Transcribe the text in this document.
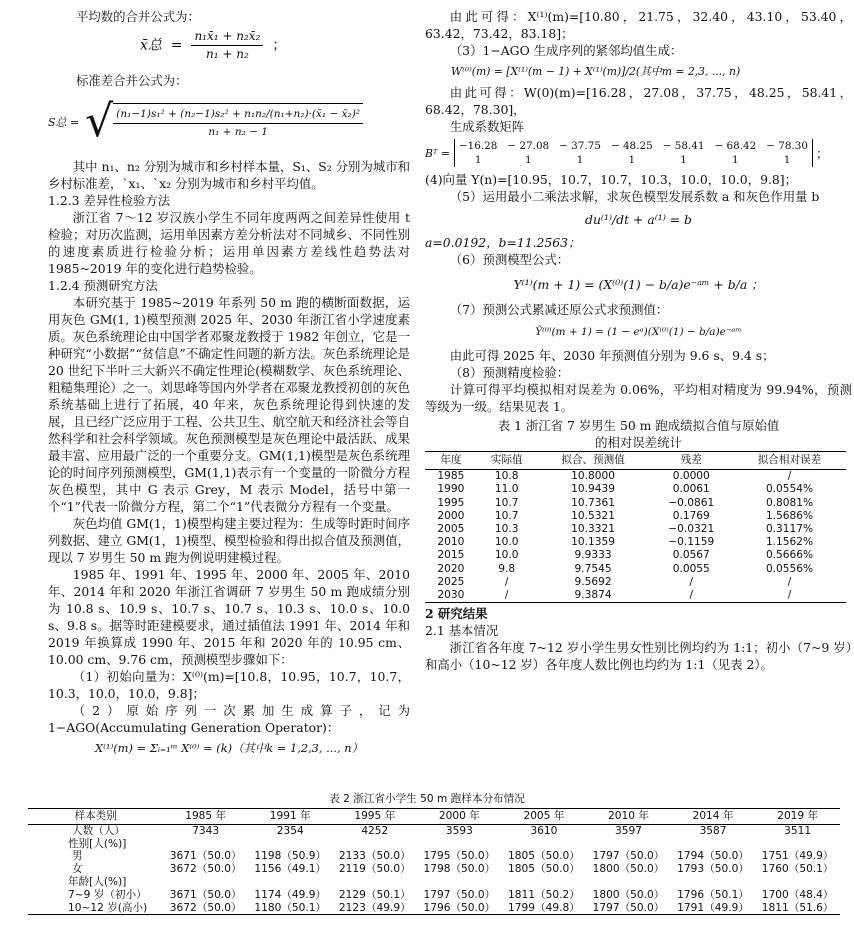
平均数的合并公式为：

x̄总  = $\frac{\text{n₁x̄₁ + n₂x̄₂}}{\text{n₁ + n₂}}$ ；

标准差合并公式为：

S总 = √ $\frac{\text{(n₁−1)s₁² + (n₂−1)s₂² + n₁n₂/(n₁+n₂)·(x̄₁ − x̄₂)²}}{\text{n₁ + n₂ − 1}}$

其中 n₁、n₂ 分别为城市和乡村样本量，S₁、S₂ 分别为城市和乡村标准差，`x₁、`x₂ 分别为城市和乡村平均值。

1.2.3 差异性检验方法

浙江省 7～12 岁汉族小学生不同年度两两之间差异性使用 t 检验；对历次监测，运用单因素方差分析法对不同城乡、不同性别的速度素质进行检验分析；运用单因素方差线性趋势法对 1985~2019 年的变化进行趋势检验。

1.2.4 预测研究方法

本研究基于 1985~2019 年系列 50 m 跑的横断面数据，运用灰色 GM(1, 1)模型预测 2025 年、2030 年浙江省小学速度素质。灰色系统理论由中国学者邓聚龙教授于 1982 年创立，它是一种研究“小数据”“贫信息”不确定性问题的新方法。灰色系统理论是 20 世纪下半叶三大新兴不确定性理论(模糊数学、灰色系统理论、粗糙集理论）之一。刘思峰等国内外学者在邓聚龙教授初创的灰色系统基础上进行了拓展，40 年来，灰色系统理论得到快速的发展，且已经广泛应用于工程、公共卫生、航空航天和经济社会等自然科学和社会科学领域。灰色预测模型是灰色理论中最活跃、成果最丰富、应用最广泛的一个重要分支。GM(1,1)模型是灰色系统理论的时间序列预测模型，GM(1,1)表示有一个变量的一阶微分方程灰色模型，其中 G 表示 Grey，M 表示 Model，括号中第一个“1”代表一阶微分方程，第二个“1”代表微分方程有一个变量。

灰色均值 GM(1，1)模型构建主要过程为：生成等时距时间序列数据、建立 GM(1，1)模型、模型检验和得出拟合值及预测值，现以 7 岁男生 50 m 跑为例说明建模过程。

1985 年、1991 年、1995 年、2000 年、2005 年、2010 年、2014 年和 2020 年浙江省调研 7 岁男生 50 m 跑成绩分别为 10.8 s、10.9 s、10.7 s、10.7 s、10.3 s、10.0 s、10.0 s、9.8 s。据等时距建模要求，通过插值法 1991 年、2014 年和 2019 年换算成 1990 年、2015 年和 2020 年的 10.95 cm、10.00 cm、9.76 cm，预测模型步骤如下：

（1）初始向量为：X⁽⁰⁾(m)=[10.8，10.95，10.7，10.7，10.3，10.0，10.0，9.8]；

（2）原始序列一次累加生成算子，记为 1−AGO(Accumulating Generation Operator)：

X⁽¹⁾(m) = Σᵢ₌₁ᵐ X⁽⁰⁾ = (k)（其中k = 1,2,3, ..., n）

由此可得：X⁽¹⁾(m)=[10.80，21.75，32.40，43.10，53.40，63.42，73.42，83.18]；

（3）1−AGO 生成序列的紧邻均值生成：

W⁽⁰⁾(m) = [X⁽¹⁾(m − 1) + X⁽¹⁾(m)]/2(其中m = 2,3, ..., n)

由此可得：W(0)(m)=[16.28，27.08，37.75，48.25，58.41，68.42，78.30]，

生成系数矩阵

Bᵀ =
−16.28 − 27.08 − 37.75 − 48.25 − 58.41 − 68.42 − 78.30
1	1	1	1	1	1	1	；

(4)向量 Y(n)=[10.95，10.7，10.7，10.3，10.0，10.0，9.8]；

（5）运用最小二乘法求解，求灰色模型发展系数 a 和灰色作用量 b

du⁽¹⁾/dt + a⁽¹⁾ = b

a=0.0192，b=11.2563；

（6）预测模型公式：

Y⁽¹⁾(m + 1) = (X⁽⁰⁾(1) − b/a)e⁻ᵃᵐ + b/a ；

（7）预测公式累减还原公式求预测值：

Ŷ⁽⁰⁾(m + 1) = (1 − eᵃ)(X⁽⁰⁾(1) − b/a)e⁻ᵃᵐ

由此可得 2025 年、2030 年预测值分别为 9.6 s、9.4 s；

（8）预测精度检验：

计算可得平均模拟相对误差为 0.06%，平均相对精度为 99.94%，预测等级为一级。结果见表 1。

表 1 浙江省 7 岁男生 50 m 跑成绩拟合值与原始值

的相对误差统计

年度	实际值	拟合、预测值	残差	拟合相对误差
1985	10.8	10.8000	0.0000	/
1990	11.0	10.9439	0.0061	0.0554%
1995	10.7	10.7361	−0.0861	0.8081%
2000	10.7	10.5321	0.1769	1.5686%
2005	10.3	10.3321	−0.0321	0.3117%
2010	10.0	10.1359	−0.1159	1.1562%
2015	10.0	9.9333	0.0567	0.5666%
2020	9.8	9.7545	0.0055	0.0556%
2025	/	9.5692	/	/
2030	/	9.3874	/	/

2 研究结果

2.1 基本情况

浙江省各年度 7~12 岁小学生男女性别比例均约为 1:1；初小（7~9 岁）和高小（10~12 岁）各年度人数比例也均约为 1:1（见表 2）。

表 2 浙江省小学生 50 m 跑样本分布情况

样本类别	1985 年	1991 年	1995 年	2000 年	2005 年	2010 年	2014 年	2019 年
人数（人）	7343	2354	4252	3593	3610	3597	3587	3511
性别[人(%)]								
男	3671（50.0）	1198（50.9）	2133（50.0）	1795（50.0）	1805（50.0）	1797（50.0）	1794（50.0）	1751（49.9）
女	3672（50.0）	1156（49.1）	2119（50.0）	1798（50.0）	1805（50.0）	1800（50.0）	1793（50.0）	1760（50.1）
年龄[人(%)]								
7~9 岁（初小）	3671（50.0）	1174（49.9）	2129（50.1）	1797（50.0）	1811（50.2）	1800（50.0）	1796（50.1）	1700（48.4）
10~12 岁(高小)	3672（50.0）	1180（50.1）	2123（49.9）	1796（50.0）	1799（49.8）	1797（50.0）	1791（49.9）	1811（51.6）
